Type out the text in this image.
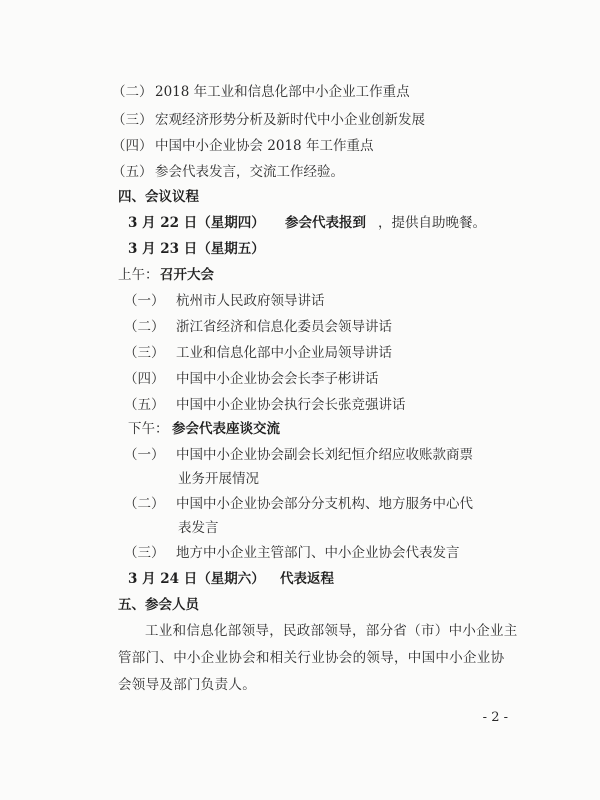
（二） 2018 年工业和信息化部中小企业工作重点
（三） 宏观经济形势分析及新时代中小企业创新发展
（四） 中国中小企业协会 2018 年工作重点
（五） 参会代表发言，交流工作经验。
四、会议议程
3 月 22 日（星期四） 参会代表报到 ，提供自助晚餐。
3 月 23 日（星期五）
上午： 召开大会
（一） 杭州市人民政府领导讲话
（二） 浙江省经济和信息化委员会领导讲话
（三） 工业和信息化部中小企业局领导讲话
（四） 中国中小企业协会会长李子彬讲话
（五） 中国中小企业协会执行会长张竞强讲话
下午： 参会代表座谈交流
（一） 中国中小企业协会副会长刘纪恒介绍应收账款商票
业务开展情况
（二） 中国中小企业协会部分分支机构、地方服务中心代
表发言
（三） 地方中小企业主管部门、中小企业协会代表发言
3 月 24 日（星期六） 代表返程
五、参会人员
工业和信息化部领导，民政部领导，部分省（市）中小企业主管部门、中小企业协会和相关行业协会的领导，中国中小企业协会领导及部门负责人。
- 2 -
